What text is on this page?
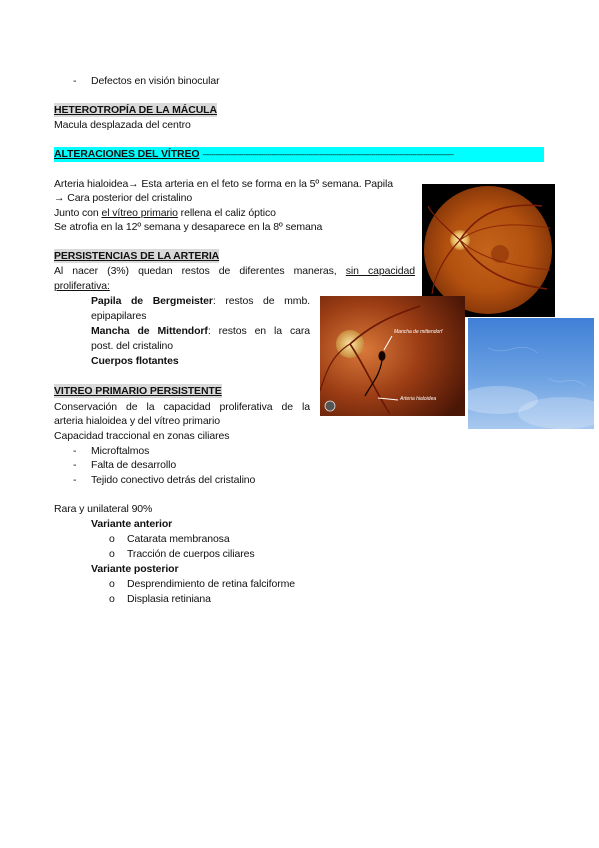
- Defectos en visión binocular
HETEROTROPÍA DE LA MÁCULA
Macula desplazada del centro
ALTERACIONES DEL VÍTREO --------------------------------------------------------------------------------------------------------------------
Arteria hialoidea→ Esta arteria en el feto se forma en la 5º semana. Papila
→ Cara posterior del cristalino
Junto con el vítreo primario rellena el caliz óptico
Se atrofia en la 12º semana y desaparece en la 8º semana
PERSISTENCIAS DE LA ARTERIA
Al nacer (3%) quedan restos de diferentes maneras, sin capacidad
proliferativa:
Papila de Bergmeister: restos de mmb.
epipapilares
Mancha de Mittendorf: restos en la cara
post. del cristalino
Cuerpos flotantes
VITREO PRIMARIO PERSISTENTE
Conservación de la capacidad proliferativa de la
arteria hialoidea y del vítreo primario
Capacidad traccional en zonas ciliares
- Microftalmos
- Falta de desarrollo
- Tejido conectivo detrás del cristalino
Rara y unilateral 90%
Variante anterior
o Catarata membranosa
o Tracción de cuerpos ciliares
Variante posterior
o Desprendimiento de retina falciforme
o Displasia retiniana
Mancha de mittendorf
Arteria hialoidea
